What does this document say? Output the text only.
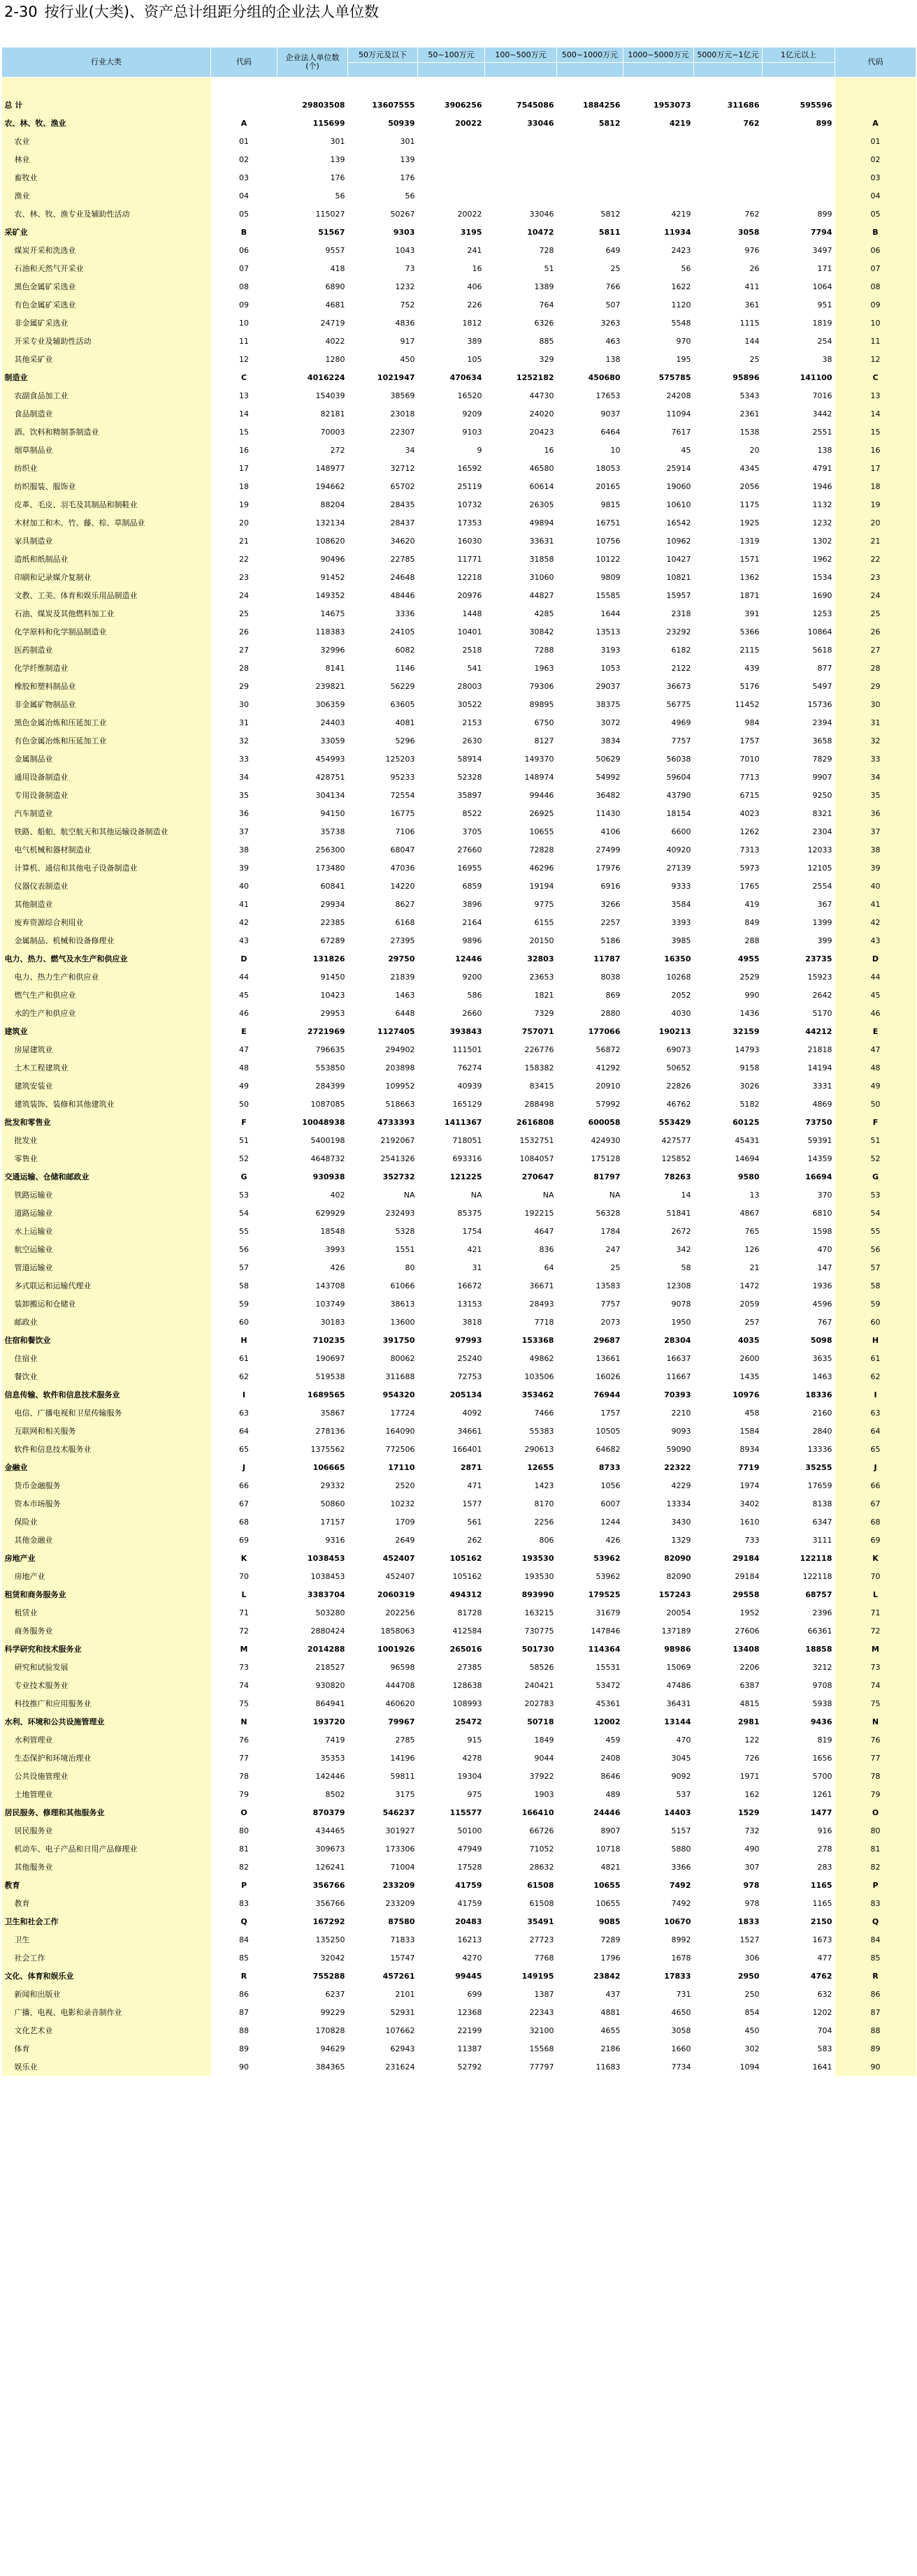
2-30 按行业(大类)、资产总计组距分组的企业法人单位数
行业大类	代码	企业法人单位数
(个)	50万元及以下	50~100万元	100~500万元	500~1000万元	1000~5000万元	5000万元~1亿元	1亿元以上	代码

总 计		29803508	13607555	3906256	7545086	1884256	1953073	311686	595596	
农、林、牧、渔业	A	115699	50939	20022	33046	5812	4219	762	899	A
农业	01	301	301							01
林业	02	139	139							02
畜牧业	03	176	176							03
渔业	04	56	56							04
农、林、牧、渔专业及辅助性活动	05	115027	50267	20022	33046	5812	4219	762	899	05
采矿业	B	51567	9303	3195	10472	5811	11934	3058	7794	B
煤炭开采和洗选业	06	9557	1043	241	728	649	2423	976	3497	06
石油和天然气开采业	07	418	73	16	51	25	56	26	171	07
黑色金属矿采选业	08	6890	1232	406	1389	766	1622	411	1064	08
有色金属矿采选业	09	4681	752	226	764	507	1120	361	951	09
非金属矿采选业	10	24719	4836	1812	6326	3263	5548	1115	1819	10
开采专业及辅助性活动	11	4022	917	389	885	463	970	144	254	11
其他采矿业	12	1280	450	105	329	138	195	25	38	12
制造业	C	4016224	1021947	470634	1252182	450680	575785	95896	141100	C
农副食品加工业	13	154039	38569	16520	44730	17653	24208	5343	7016	13
食品制造业	14	82181	23018	9209	24020	9037	11094	2361	3442	14
酒、饮料和精制茶制造业	15	70003	22307	9103	20423	6464	7617	1538	2551	15
烟草制品业	16	272	34	9	16	10	45	20	138	16
纺织业	17	148977	32712	16592	46580	18053	25914	4345	4791	17
纺织服装、服饰业	18	194662	65702	25119	60614	20165	19060	2056	1946	18
皮革、毛皮、羽毛及其制品和制鞋业	19	88204	28435	10732	26305	9815	10610	1175	1132	19
木材加工和木、竹、藤、棕、草制品业	20	132134	28437	17353	49894	16751	16542	1925	1232	20
家具制造业	21	108620	34620	16030	33631	10756	10962	1319	1302	21
造纸和纸制品业	22	90496	22785	11771	31858	10122	10427	1571	1962	22
印刷和记录媒介复制业	23	91452	24648	12218	31060	9809	10821	1362	1534	23
文教、工美、体育和娱乐用品制造业	24	149352	48446	20976	44827	15585	15957	1871	1690	24
石油、煤炭及其他燃料加工业	25	14675	3336	1448	4285	1644	2318	391	1253	25
化学原料和化学制品制造业	26	118383	24105	10401	30842	13513	23292	5366	10864	26
医药制造业	27	32996	6082	2518	7288	3193	6182	2115	5618	27
化学纤维制造业	28	8141	1146	541	1963	1053	2122	439	877	28
橡胶和塑料制品业	29	239821	56229	28003	79306	29037	36673	5176	5497	29
非金属矿物制品业	30	306359	63605	30522	89895	38375	56775	11452	15736	30
黑色金属冶炼和压延加工业	31	24403	4081	2153	6750	3072	4969	984	2394	31
有色金属冶炼和压延加工业	32	33059	5296	2630	8127	3834	7757	1757	3658	32
金属制品业	33	454993	125203	58914	149370	50629	56038	7010	7829	33
通用设备制造业	34	428751	95233	52328	148974	54992	59604	7713	9907	34
专用设备制造业	35	304134	72554	35897	99446	36482	43790	6715	9250	35
汽车制造业	36	94150	16775	8522	26925	11430	18154	4023	8321	36
铁路、船舶、航空航天和其他运输设备制造业	37	35738	7106	3705	10655	4106	6600	1262	2304	37
电气机械和器材制造业	38	256300	68047	27660	72828	27499	40920	7313	12033	38
计算机、通信和其他电子设备制造业	39	173480	47036	16955	46296	17976	27139	5973	12105	39
仪器仪表制造业	40	60841	14220	6859	19194	6916	9333	1765	2554	40
其他制造业	41	29934	8627	3896	9775	3266	3584	419	367	41
废弃资源综合利用业	42	22385	6168	2164	6155	2257	3393	849	1399	42
金属制品、机械和设备修理业	43	67289	27395	9896	20150	5186	3985	288	399	43
电力、热力、燃气及水生产和供应业	D	131826	29750	12446	32803	11787	16350	4955	23735	D
电力、热力生产和供应业	44	91450	21839	9200	23653	8038	10268	2529	15923	44
燃气生产和供应业	45	10423	1463	586	1821	869	2052	990	2642	45
水的生产和供应业	46	29953	6448	2660	7329	2880	4030	1436	5170	46
建筑业	E	2721969	1127405	393843	757071	177066	190213	32159	44212	E
房屋建筑业	47	796635	294902	111501	226776	56872	69073	14793	21818	47
土木工程建筑业	48	553850	203898	76274	158382	41292	50652	9158	14194	48
建筑安装业	49	284399	109952	40939	83415	20910	22826	3026	3331	49
建筑装饰、装修和其他建筑业	50	1087085	518663	165129	288498	57992	46762	5182	4869	50
批发和零售业	F	10048938	4733393	1411367	2616808	600058	553429	60125	73750	F
批发业	51	5400198	2192067	718051	1532751	424930	427577	45431	59391	51
零售业	52	4648732	2541326	693316	1084057	175128	125852	14694	14359	52
交通运输、仓储和邮政业	G	930938	352732	121225	270647	81797	78263	9580	16694	G
铁路运输业	53	402	NA	NA	NA	NA	14	13	370	53
道路运输业	54	629929	232493	85375	192215	56328	51841	4867	6810	54
水上运输业	55	18548	5328	1754	4647	1784	2672	765	1598	55
航空运输业	56	3993	1551	421	836	247	342	126	470	56
管道运输业	57	426	80	31	64	25	58	21	147	57
多式联运和运输代理业	58	143708	61066	16672	36671	13583	12308	1472	1936	58
装卸搬运和仓储业	59	103749	38613	13153	28493	7757	9078	2059	4596	59
邮政业	60	30183	13600	3818	7718	2073	1950	257	767	60
住宿和餐饮业	H	710235	391750	97993	153368	29687	28304	4035	5098	H
住宿业	61	190697	80062	25240	49862	13661	16637	2600	3635	61
餐饮业	62	519538	311688	72753	103506	16026	11667	1435	1463	62
信息传输、软件和信息技术服务业	I	1689565	954320	205134	353462	76944	70393	10976	18336	I
电信、广播电视和卫星传输服务	63	35867	17724	4092	7466	1757	2210	458	2160	63
互联网和相关服务	64	278136	164090	34661	55383	10505	9093	1584	2840	64
软件和信息技术服务业	65	1375562	772506	166401	290613	64682	59090	8934	13336	65
金融业	J	106665	17110	2871	12655	8733	22322	7719	35255	J
货币金融服务	66	29332	2520	471	1423	1056	4229	1974	17659	66
资本市场服务	67	50860	10232	1577	8170	6007	13334	3402	8138	67
保险业	68	17157	1709	561	2256	1244	3430	1610	6347	68
其他金融业	69	9316	2649	262	806	426	1329	733	3111	69
房地产业	K	1038453	452407	105162	193530	53962	82090	29184	122118	K
房地产业	70	1038453	452407	105162	193530	53962	82090	29184	122118	70
租赁和商务服务业	L	3383704	2060319	494312	893990	179525	157243	29558	68757	L
租赁业	71	503280	202256	81728	163215	31679	20054	1952	2396	71
商务服务业	72	2880424	1858063	412584	730775	147846	137189	27606	66361	72
科学研究和技术服务业	M	2014288	1001926	265016	501730	114364	98986	13408	18858	M
研究和试验发展	73	218527	96598	27385	58526	15531	15069	2206	3212	73
专业技术服务业	74	930820	444708	128638	240421	53472	47486	6387	9708	74
科技推广和应用服务业	75	864941	460620	108993	202783	45361	36431	4815	5938	75
水利、环境和公共设施管理业	N	193720	79967	25472	50718	12002	13144	2981	9436	N
水利管理业	76	7419	2785	915	1849	459	470	122	819	76
生态保护和环境治理业	77	35353	14196	4278	9044	2408	3045	726	1656	77
公共设施管理业	78	142446	59811	19304	37922	8646	9092	1971	5700	78
土地管理业	79	8502	3175	975	1903	489	537	162	1261	79
居民服务、修理和其他服务业	O	870379	546237	115577	166410	24446	14403	1529	1477	O
居民服务业	80	434465	301927	50100	66726	8907	5157	732	916	80
机动车、电子产品和日用产品修理业	81	309673	173306	47949	71052	10718	5880	490	278	81
其他服务业	82	126241	71004	17528	28632	4821	3366	307	283	82
教育	P	356766	233209	41759	61508	10655	7492	978	1165	P
教育	83	356766	233209	41759	61508	10655	7492	978	1165	83
卫生和社会工作	Q	167292	87580	20483	35491	9085	10670	1833	2150	Q
卫生	84	135250	71833	16213	27723	7289	8992	1527	1673	84
社会工作	85	32042	15747	4270	7768	1796	1678	306	477	85
文化、体育和娱乐业	R	755288	457261	99445	149195	23842	17833	2950	4762	R
新闻和出版业	86	6237	2101	699	1387	437	731	250	632	86
广播、电视、电影和录音制作业	87	99229	52931	12368	22343	4881	4650	854	1202	87
文化艺术业	88	170828	107662	22199	32100	4655	3058	450	704	88
体育	89	94629	62943	11387	15568	2186	1660	302	583	89
娱乐业	90	384365	231624	52792	77797	11683	7734	1094	1641	90
